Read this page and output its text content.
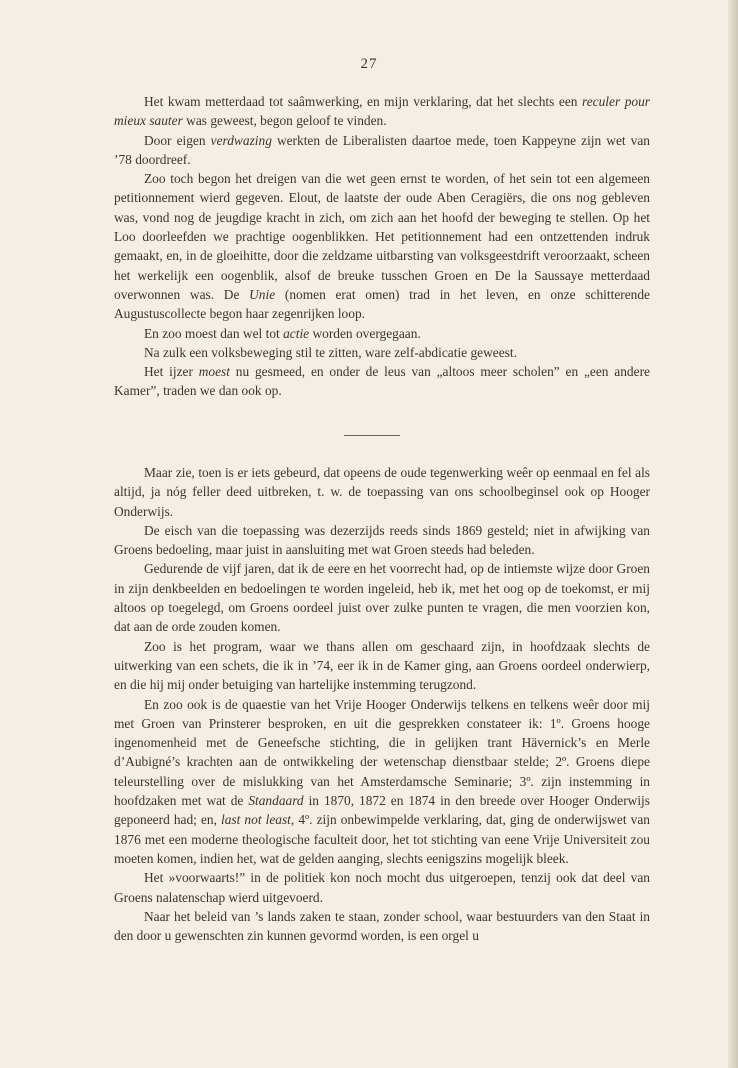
27

Het kwam metterdaad tot saâmwerking, en mijn verklaring, dat het slechts een reculer pour mieux sauter was geweest, begon geloof te vinden.

Door eigen verdwazing werkten de Liberalisten daartoe mede, toen Kappeyne zijn wet van ’78 doordreef.

Zoo toch begon het dreigen van die wet geen ernst te worden, of het sein tot een algemeen petitionnement wierd gegeven. Elout, de laatste der oude Aben Ceragiërs, die ons nog gebleven was, vond nog de jeugdige kracht in zich, om zich aan het hoofd der beweging te stellen. Op het Loo doorleefden we prachtige oogenblikken. Het petitionnement had een ontzettenden indruk gemaakt, en, in de gloeihitte, door die zeldzame uitbarsting van volksgeestdrift veroorzaakt, scheen het werkelijk een oogenblik, alsof de breuke tusschen Groen en De la Saussaye metterdaad overwonnen was. De Unie (nomen erat omen) trad in het leven, en onze schitterende Augustuscollecte begon haar zegenrijken loop.

En zoo moest dan wel tot actie worden overgegaan.

Na zulk een volksbeweging stil te zitten, ware zelf-abdicatie geweest.

Het ijzer moest nu gesmeed, en onder de leus van „altoos meer scholen” en „een andere Kamer”, traden we dan ook op.

Maar zie, toen is er iets gebeurd, dat opeens de oude tegenwerking weêr op eenmaal en fel als altijd, ja nóg feller deed uitbreken, t. w. de toepassing van ons schoolbeginsel ook op Hooger Onderwijs.

De eisch van die toepassing was dezerzijds reeds sinds 1869 gesteld; niet in afwijking van Groens bedoeling, maar juist in aansluiting met wat Groen steeds had beleden.

Gedurende de vijf jaren, dat ik de eere en het voorrecht had, op de intiemste wijze door Groen in zijn denkbeelden en bedoelingen te worden ingeleid, heb ik, met het oog op de toekomst, er mij altoos op toegelegd, om Groens oordeel juist over zulke punten te vragen, die men voorzien kon, dat aan de orde zouden komen.

Zoo is het program, waar we thans allen om geschaard zijn, in hoofdzaak slechts de uitwerking van een schets, die ik in ’74, eer ik in de Kamer ging, aan Groens oordeel onderwierp, en die hij mij onder betuiging van hartelijke instemming terugzond.

En zoo ook is de quaestie van het Vrije Hooger Onderwijs telkens en telkens weêr door mij met Groen van Prinsterer besproken, en uit die gesprekken constateer ik: 1º. Groens hooge ingenomenheid met de Geneefsche stichting, die in gelijken trant Hävernick’s en Merle d’Aubigné’s krachten aan de ontwikkeling der wetenschap dienstbaar stelde; 2º. Groens diepe teleurstelling over de mislukking van het Amsterdamsche Seminarie; 3º. zijn instemming in hoofdzaken met wat de Standaard in 1870, 1872 en 1874 in den breede over Hooger Onderwijs geponeerd had; en, last not least, 4º. zijn onbewimpelde verklaring, dat, ging de onderwijswet van 1876 met een moderne theologische faculteit door, het tot stichting van eene Vrije Universiteit zou moeten komen, indien het, wat de gelden aanging, slechts eenigszins mogelijk bleek.

Het »voorwaarts!” in de politiek kon noch mocht dus uitgeroepen, tenzij ook dat deel van Groens nalatenschap wierd uitgevoerd.

Naar het beleid van ’s lands zaken te staan, zonder school, waar bestuurders van den Staat in den door u gewenschten zin kunnen gevormd worden, is een orgel u
